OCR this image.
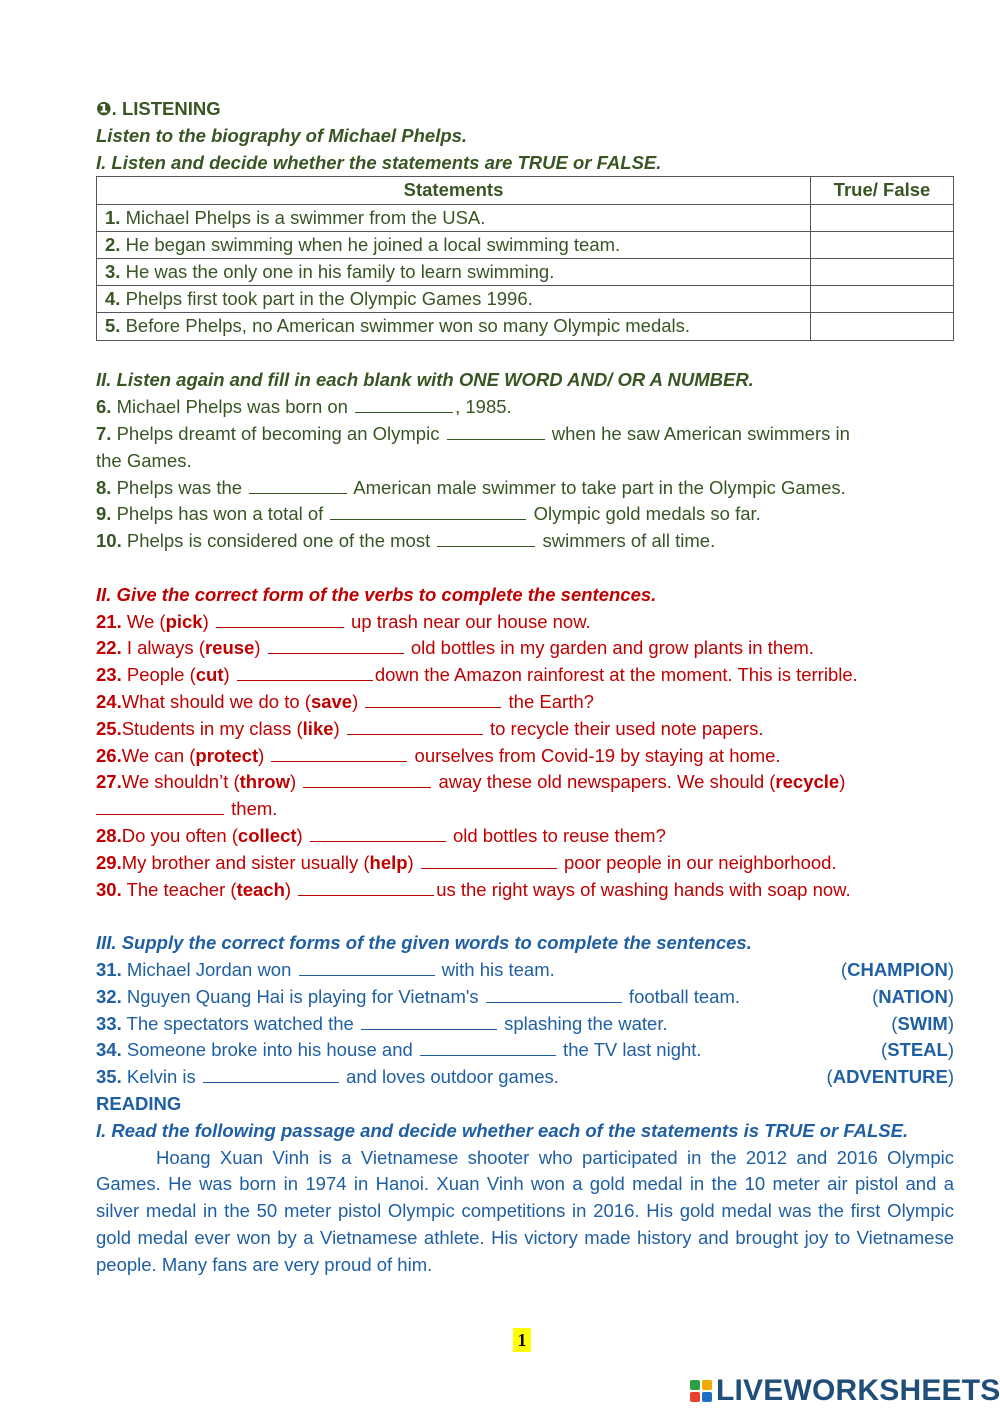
❶. LISTENING
Listen to the biography of Michael Phelps.
I. Listen and decide whether the statements are TRUE or FALSE.
Statements	True/ False
1. Michael Phelps is a swimmer from the USA.	
2. He began swimming when he joined a local swimming team.	
3. He was the only one in his family to learn swimming.	
4. Phelps first took part in the Olympic Games 1996.	
5. Before Phelps, no American swimmer won so many Olympic medals.	
II. Listen again and fill in each blank with ONE WORD AND/ OR A NUMBER.
6. Michael Phelps was born on	, 1985.
7. Phelps dreamt of becoming an Olympic	when he saw American swimmers in
the Games.
8. Phelps was the	American male swimmer to take part in the Olympic Games.
9. Phelps has won a total of	Olympic gold medals so far.
10. Phelps is considered one of the most	swimmers of all time.
II. Give the correct form of the verbs to complete the sentences.
21. We (pick)	up trash near our house now.
22. I always (reuse)	old bottles in my garden and grow plants in them.
23. People (cut)	down the Amazon rainforest at the moment. This is terrible.
24.What should we do to (save)	the Earth?
25.Students in my class (like)	to recycle their used note papers.
26.We can (protect)	ourselves from Covid-19 by staying at home.
27.We shouldn’t (throw)	away these old newspapers. We should (recycle)
them.
28.Do you often (collect)	old bottles to reuse them?
29.My brother and sister usually (help)	poor people in our neighborhood.
30. The teacher (teach)	us the right ways of washing hands with soap now.
III. Supply the correct forms of the given words to complete the sentences.
31. Michael Jordan won	with his team.	(CHAMPION)
32. Nguyen Quang Hai is playing for Vietnam's	football team.	(NATION)
33. The spectators watched the	splashing the water.	(SWIM)
34. Someone broke into his house and	the TV last night.	(STEAL)
35. Kelvin is	and loves outdoor games.	(ADVENTURE)
READING
I. Read the following passage and decide whether each of the statements is TRUE or FALSE.
Hoang Xuan Vinh is a Vietnamese shooter who participated in the 2012 and 2016 Olympic Games. He was born in 1974 in Hanoi. Xuan Vinh won a gold medal in the 10 meter air pistol and a silver medal in the 50 meter pistol Olympic competitions in 2016. His gold medal was the first Olympic gold medal ever won by a Vietnamese athlete. His victory made history and brought joy to Vietnamese people. Many fans are very proud of him.
1
LIVEWORKSHEETS
